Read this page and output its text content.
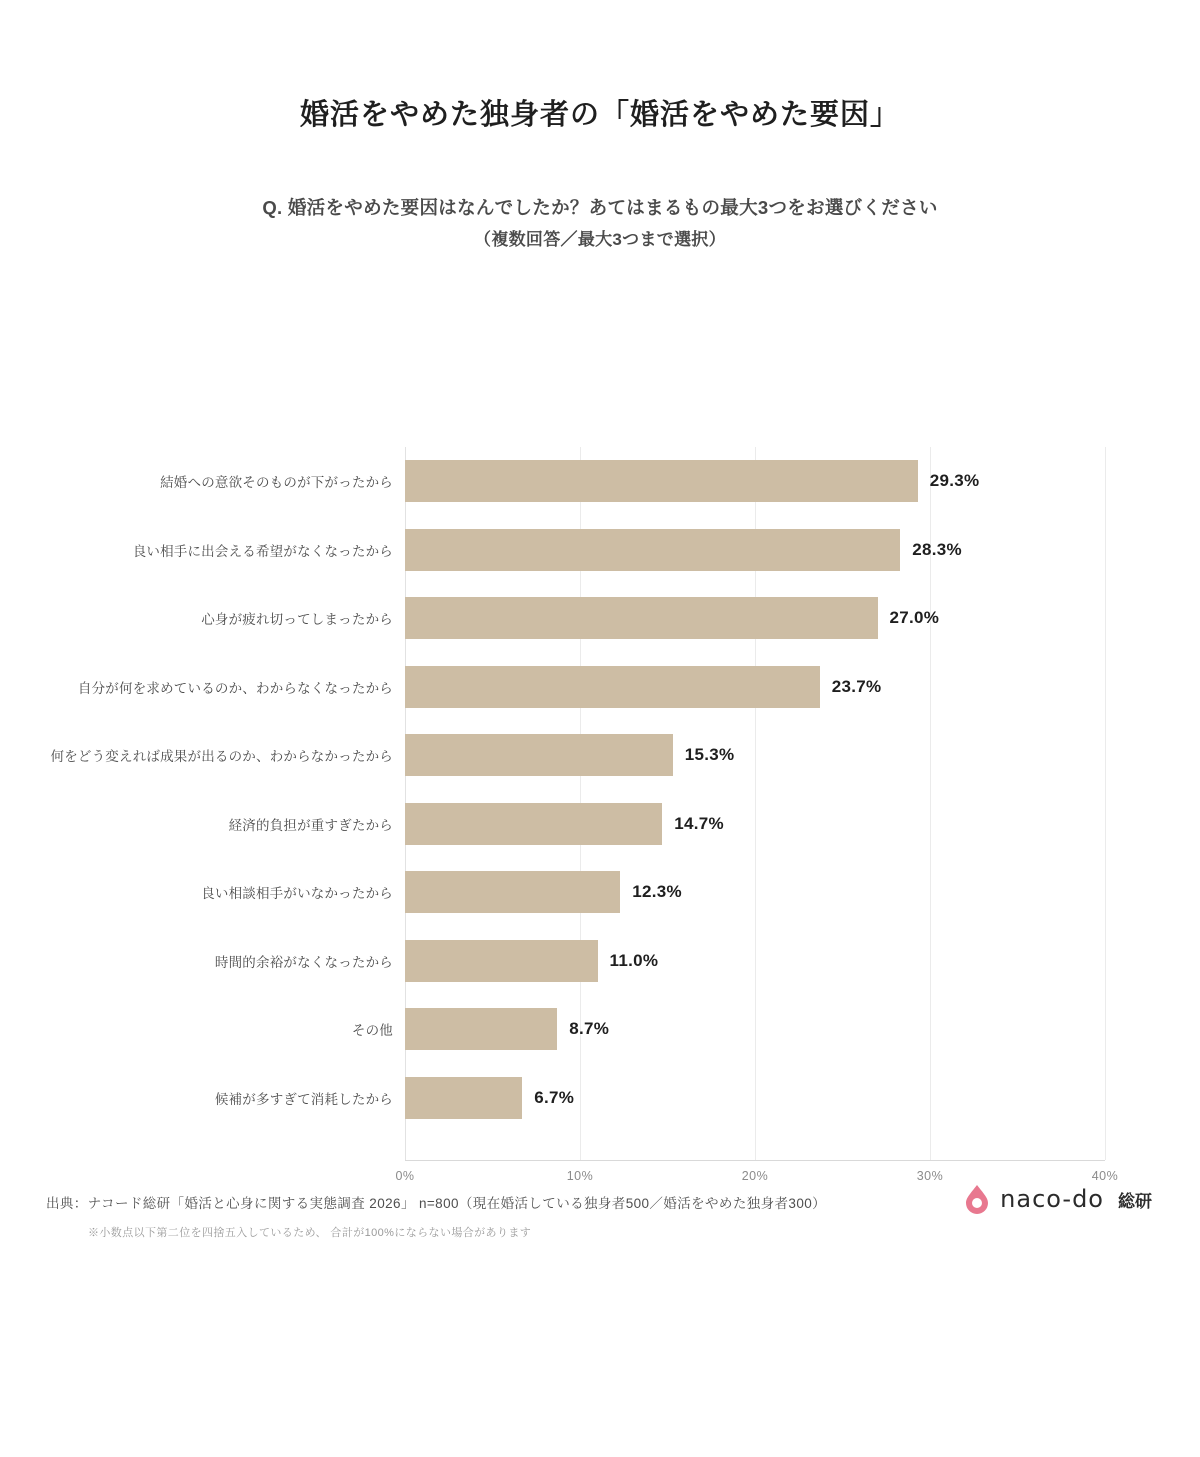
婚活をやめた独身者の「婚活をやめた要因」
Q. 婚活をやめた要因はなんでしたか？あてはまるもの最大3つをお選びください
（複数回答／最大3つまで選択）
0%	10%	20%	30%	40%
結婚への意欲そのものが下がったから	29.3%
良い相手に出会える希望がなくなったから	28.3%
心身が疲れ切ってしまったから	27.0%
自分が何を求めているのか、わからなくなったから	23.7%
何をどう変えれば成果が出るのか、わからなかったから	15.3%
経済的負担が重すぎたから	14.7%
良い相談相手がいなかったから	12.3%
時間的余裕がなくなったから	11.0%
その他	8.7%
候補が多すぎて消耗したから	6.7%
出典：ナコード総研「婚活と心身に関する実態調査 2026」 n=800（現在婚活している独身者500／婚活をやめた独身者300）
※小数点以下第二位を四捨五入しているため、 合計が100%にならない場合があります
naco-do 総研
